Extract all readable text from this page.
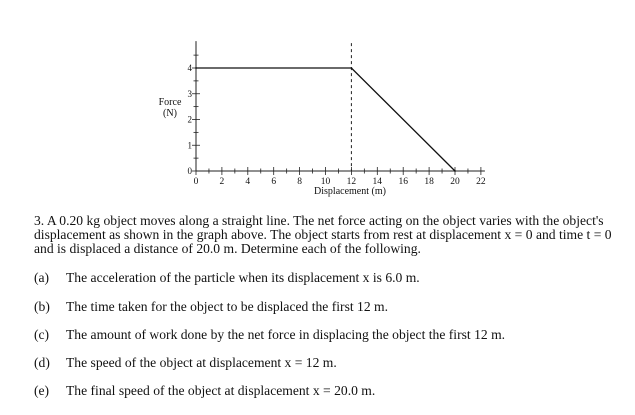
Force
(N)
0 2 4 6 8 10 12 14 16 18 20 22
0
1
2
3
4
Displacement (m)
3. A 0.20 kg object moves along a straight line. The net force acting on the object varies with the object's displacement as shown in the graph above. The object starts from rest at displacement x = 0 and time t = 0 and is displaced a distance of 20.0 m. Determine each of the following.
(a) The acceleration of the particle when its displacement x is 6.0 m.
(b) The time taken for the object to be displaced the first 12 m.
(c) The amount of work done by the net force in displacing the object the first 12 m.
(d) The speed of the object at displacement x = 12 m.
(e) The final speed of the object at displacement x = 20.0 m.
